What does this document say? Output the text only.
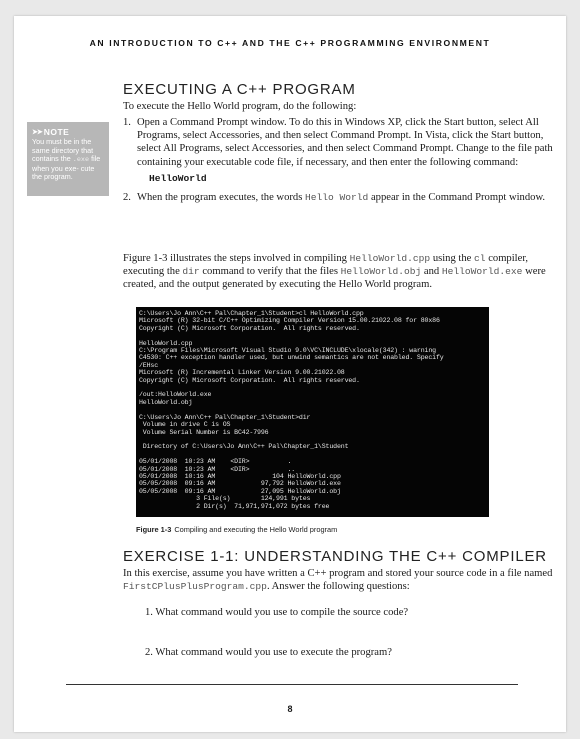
AN INTRODUCTION TO C++ AND THE C++ PROGRAMMING ENVIRONMENT
EXECUTING A C++ PROGRAM

To execute the Hello World program, do the following:

1. Open a Command Prompt window. To do this in Windows XP, click the Start button, select All Programs, select Accessories, and then select Command Prompt. In Vista, click the Start button, select All Programs, select Accessories, and then select Command Prompt. Change to the file path containing your executable code file, if necessary, and then enter the following command:
HelloWorld
2. When the program executes, the words Hello World appear in the Command Prompt window.

Figure 1-3 illustrates the steps involved in compiling HelloWorld.cpp using the cl compiler, executing the dir command to verify that the files HelloWorld.obj and HelloWorld.exe were created, and the output generated by executing the Hello World program.

➤➤ NOTE
You must be in the same directory that contains the .exe file when you exe- cute the program.
C:\Users\Jo Ann\C++ Pal\Chapter_1\Student>cl HelloWorld.cpp
Microsoft (R) 32-bit C/C++ Optimizing Compiler Version 15.00.21022.08 for 80x86
Copyright (C) Microsoft Corporation.  All rights reserved.

HelloWorld.cpp
C:\Program Files\Microsoft Visual Studio 9.0\VC\INCLUDE\xlocale(342) : warning
C4530: C++ exception handler used, but unwind semantics are not enabled. Specify
/EHsc
Microsoft (R) Incremental Linker Version 9.00.21022.08
Copyright (C) Microsoft Corporation.  All rights reserved.

/out:HelloWorld.exe
HelloWorld.obj

C:\Users\Jo Ann\C++ Pal\Chapter_1\Student>dir
Volume in drive C is OS
Volume Serial Number is BC42-7996

Directory of C:\Users\Jo Ann\C++ Pal\Chapter_1\Student

05/01/2008  10:23 AM    <DIR>          .
05/01/2008  10:23 AM    <DIR>          ..
05/01/2008  10:16 AM               104 HelloWorld.cpp
05/05/2008  09:16 AM            97,792 HelloWorld.exe
05/05/2008  09:16 AM            27,095 HelloWorld.obj
3 File(s)        124,991 bytes
2 Dir(s)  71,971,971,072 bytes free

Figure 1-3 Compiling and executing the Hello World program
EXERCISE 1-1: UNDERSTANDING THE C++ COMPILER

In this exercise, assume you have written a C++ program and stored your source code in a file named FirstCPlusPlusProgram.cpp. Answer the following questions:

1. What command would you use to compile the source code?
2. What command would you use to execute the program?
8
